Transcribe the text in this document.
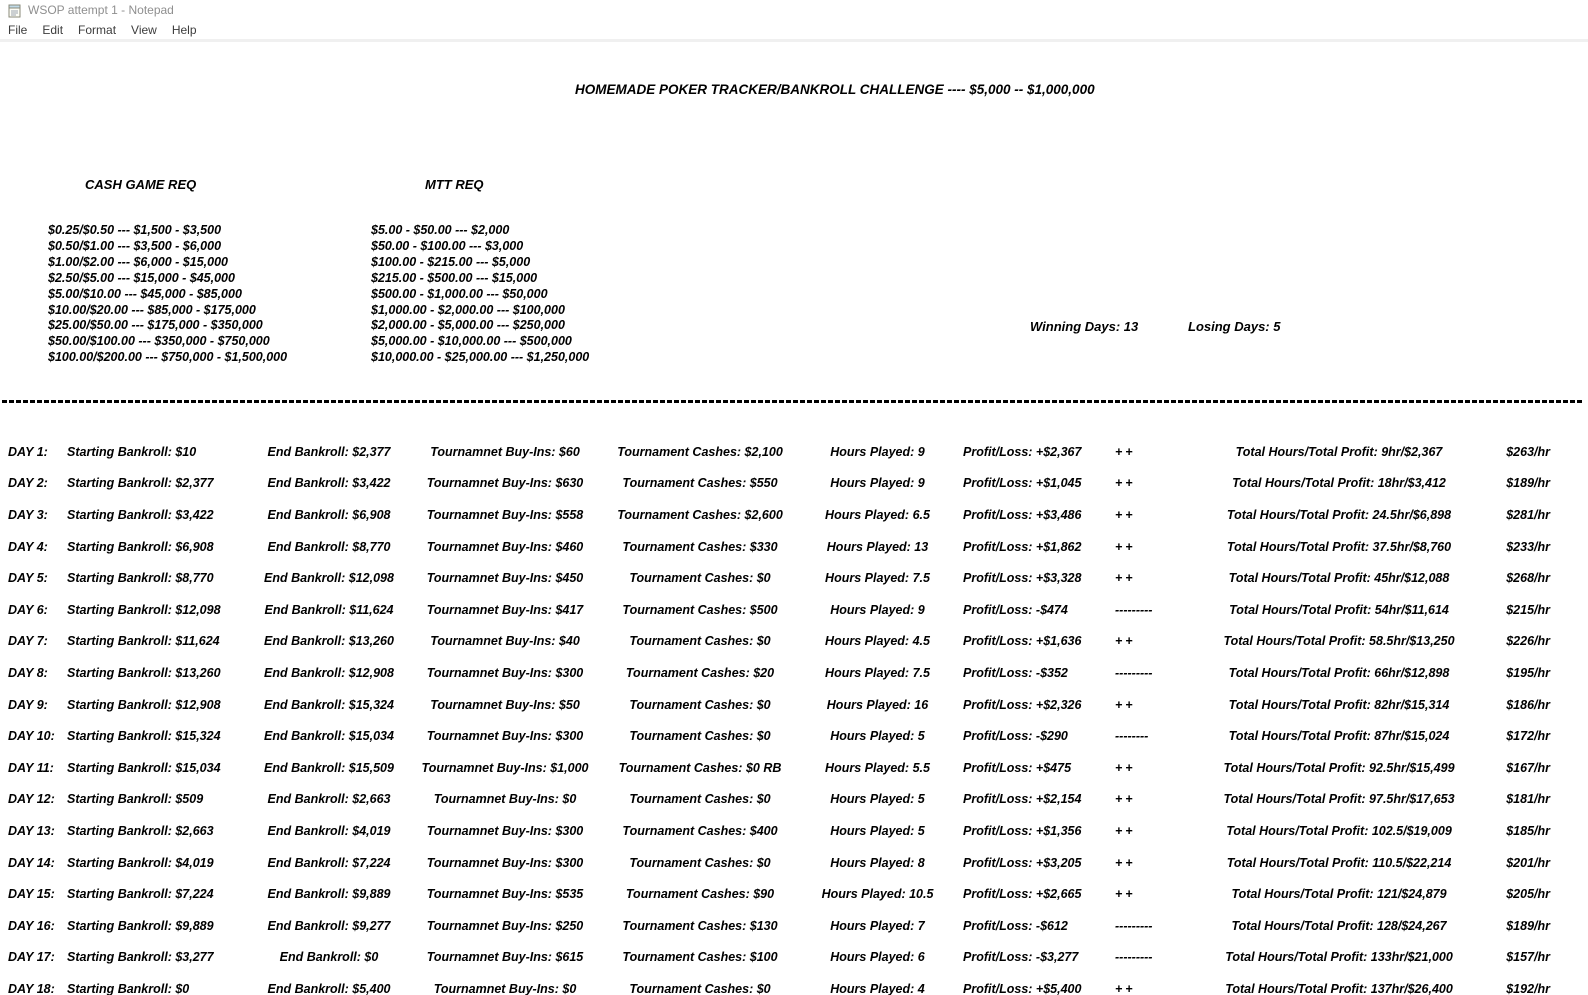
WSOP attempt 1 - Notepad
File Edit Format View Help
HOMEMADE POKER TRACKER/BANKROLL CHALLENGE ---- $5,000 -- $1,000,000
CASH GAME REQ	MTT REQ
$0.25/$0.50 --- $1,500 - $3,500
$0.50/$1.00 --- $3,500 - $6,000
$1.00/$2.00 --- $6,000 - $15,000
$2.50/$5.00 --- $15,000 - $45,000
$5.00/$10.00 --- $45,000 - $85,000
$10.00/$20.00 --- $85,000 - $175,000
$25.00/$50.00 --- $175,000 - $350,000
$50.00/$100.00 --- $350,000 - $750,000
$100.00/$200.00 --- $750,000 - $1,500,000
$5.00 - $50.00 --- $2,000
$50.00 - $100.00 --- $3,000
$100.00 - $215.00 --- $5,000
$215.00 - $500.00 --- $15,000
$500.00 - $1,000.00 --- $50,000
$1,000.00 - $2,000.00 --- $100,000
$2,000.00 - $5,000.00 --- $250,000
$5,000.00 - $10,000.00 --- $500,000
$10,000.00 - $25,000.00 --- $1,250,000
Winning Days: 13	Losing Days: 5
DAY 1:	Starting Bankroll: $10	End Bankroll: $2,377	Tournamnet Buy-Ins: $60	Tournament Cashes: $2,100	Hours Played: 9	Profit/Loss: +$2,367	++	Total Hours/Total Profit: 9hr/$2,367	$263/hr
DAY 2:	Starting Bankroll: $2,377	End Bankroll: $3,422	Tournamnet Buy-Ins: $630	Tournament Cashes: $550	Hours Played: 9	Profit/Loss: +$1,045	++	Total Hours/Total Profit: 18hr/$3,412	$189/hr
DAY 3:	Starting Bankroll: $3,422	End Bankroll: $6,908	Tournamnet Buy-Ins: $558	Tournament Cashes: $2,600	Hours Played: 6.5	Profit/Loss: +$3,486	++	Total Hours/Total Profit: 24.5hr/$6,898	$281/hr
DAY 4:	Starting Bankroll: $6,908	End Bankroll: $8,770	Tournamnet Buy-Ins: $460	Tournament Cashes: $330	Hours Played: 13	Profit/Loss: +$1,862	++	Total Hours/Total Profit: 37.5hr/$8,760	$233/hr
DAY 5:	Starting Bankroll: $8,770	End Bankroll: $12,098	Tournamnet Buy-Ins: $450	Tournament Cashes: $0	Hours Played: 7.5	Profit/Loss: +$3,328	++	Total Hours/Total Profit: 45hr/$12,088	$268/hr
DAY 6:	Starting Bankroll: $12,098	End Bankroll: $11,624	Tournamnet Buy-Ins: $417	Tournament Cashes: $500	Hours Played: 9	Profit/Loss: -$474	---------	Total Hours/Total Profit: 54hr/$11,614	$215/hr
DAY 7:	Starting Bankroll: $11,624	End Bankroll: $13,260	Tournamnet Buy-Ins: $40	Tournament Cashes: $0	Hours Played: 4.5	Profit/Loss: +$1,636	++	Total Hours/Total Profit: 58.5hr/$13,250	$226/hr
DAY 8:	Starting Bankroll: $13,260	End Bankroll: $12,908	Tournamnet Buy-Ins: $300	Tournament Cashes: $20	Hours Played: 7.5	Profit/Loss: -$352	---------	Total Hours/Total Profit: 66hr/$12,898	$195/hr
DAY 9:	Starting Bankroll: $12,908	End Bankroll: $15,324	Tournamnet Buy-Ins: $50	Tournament Cashes: $0	Hours Played: 16	Profit/Loss: +$2,326	++	Total Hours/Total Profit: 82hr/$15,314	$186/hr
DAY 10: Starting Bankroll: $15,324	End Bankroll: $15,034	Tournamnet Buy-Ins: $300	Tournament Cashes: $0	Hours Played: 5	Profit/Loss: -$290	--------	Total Hours/Total Profit: 87hr/$15,024	$172/hr
DAY 11:	Starting Bankroll: $15,034	End Bankroll: $15,509	Tournamnet Buy-Ins: $1,000	Tournament Cashes: $0 RB	Hours Played: 5.5	Profit/Loss: +$475	++	Total Hours/Total Profit: 92.5hr/$15,499	$167/hr
DAY 12: Starting Bankroll: $509	End Bankroll: $2,663	Tournamnet Buy-Ins: $0	Tournament Cashes: $0	Hours Played: 5	Profit/Loss: +$2,154	++	Total Hours/Total Profit: 97.5hr/$17,653	$181/hr
DAY 13: Starting Bankroll: $2,663	End Bankroll: $4,019	Tournamnet Buy-Ins: $300	Tournament Cashes: $400	Hours Played: 5	Profit/Loss: +$1,356	++	Total Hours/Total Profit: 102.5/$19,009	$185/hr
DAY 14: Starting Bankroll: $4,019	End Bankroll: $7,224	Tournamnet Buy-Ins: $300	Tournament Cashes: $0	Hours Played: 8	Profit/Loss: +$3,205	++	Total Hours/Total Profit: 110.5/$22,214	$201/hr
DAY 15: Starting Bankroll: $7,224	End Bankroll: $9,889	Tournamnet Buy-Ins: $535	Tournament Cashes: $90	Hours Played: 10.5	Profit/Loss: +$2,665	++	Total Hours/Total Profit: 121/$24,879	$205/hr
DAY 16: Starting Bankroll: $9,889	End Bankroll: $9,277	Tournamnet Buy-Ins: $250	Tournament Cashes: $130	Hours Played: 7	Profit/Loss: -$612	---------	Total Hours/Total Profit: 128/$24,267	$189/hr
DAY 17: Starting Bankroll: $3,277	End Bankroll: $0	Tournamnet Buy-Ins: $615	Tournament Cashes: $100	Hours Played: 6	Profit/Loss: -$3,277	---------	Total Hours/Total Profit: 133hr/$21,000	$157/hr
DAY 18: Starting Bankroll: $0	End Bankroll: $5,400	Tournamnet Buy-Ins: $0	Tournament Cashes: $0	Hours Played: 4	Profit/Loss: +$5,400	++	Total Hours/Total Profit: 137hr/$26,400	$192/hr
